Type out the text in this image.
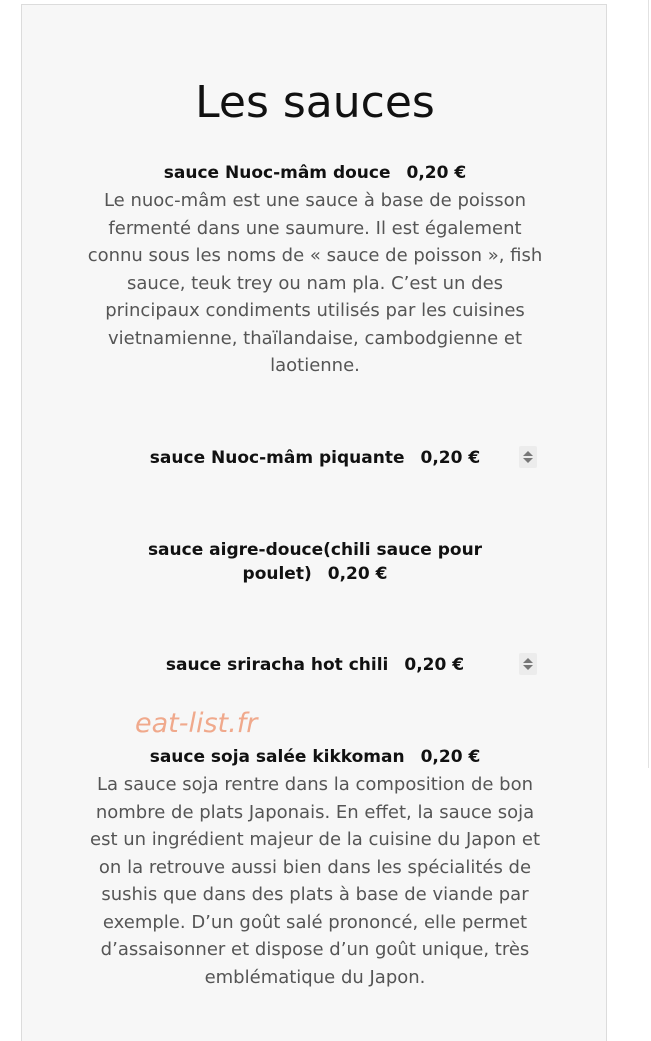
Les sauces
sauce Nuoc-mâm douce 0,20 €
Le nuoc-mâm est une sauce à base de poisson fermenté dans une saumure. Il est également connu sous les noms de « sauce de poisson », fish sauce, teuk trey ou nam pla. C’est un des principaux condiments utilisés par les cuisines vietnamienne, thaïlandaise, cambodgienne et laotienne.
sauce Nuoc-mâm piquante 0,20 €
sauce aigre-douce(chili sauce pour poulet) 0,20 €
sauce sriracha hot chili 0,20 €
sauce soja salée kikkoman 0,20 €
La sauce soja rentre dans la composition de bon nombre de plats Japonais. En effet, la sauce soja est un ingrédient majeur de la cuisine du Japon et on la retrouve aussi bien dans les spécialités de sushis que dans des plats à base de viande par exemple. D’un goût salé prononcé, elle permet d’assaisonner et dispose d’un goût unique, très emblématique du Japon.
eat-list.fr
